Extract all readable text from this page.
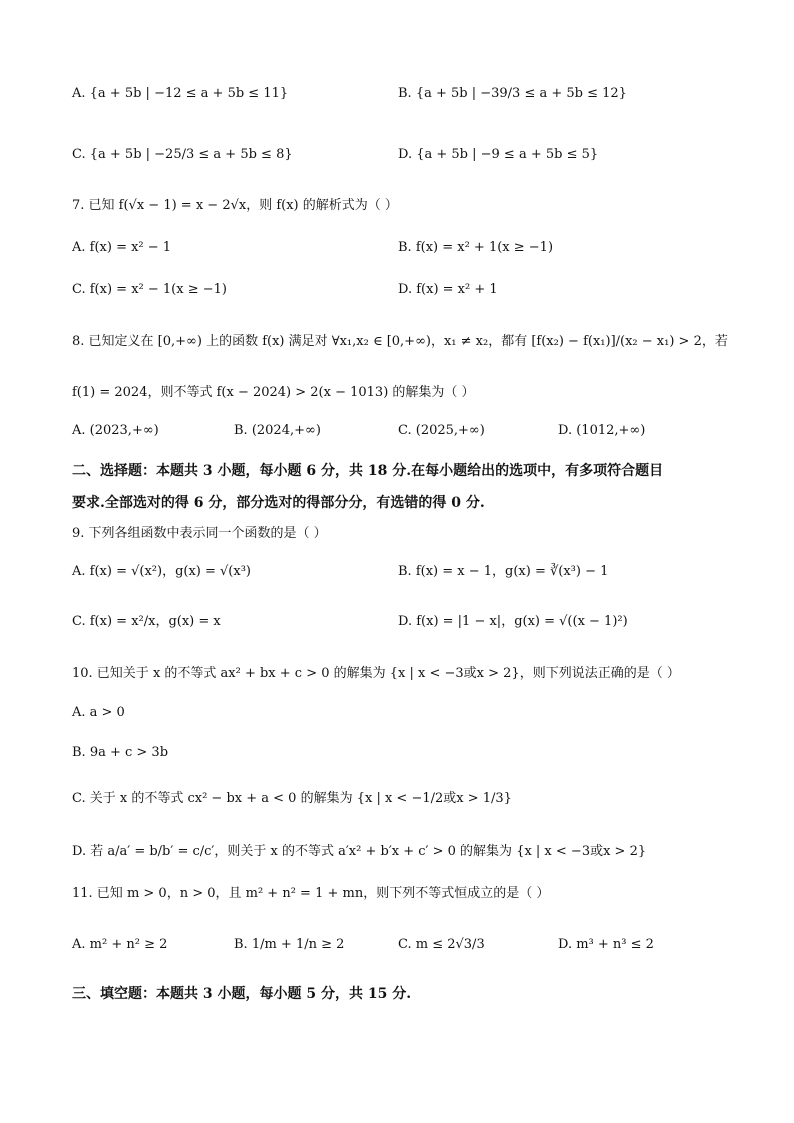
A. {a + 5b | −12 ≤ a + 5b ≤ 11}	B. {a + 5b | −39/3 ≤ a + 5b ≤ 12}
C. {a + 5b | −25/3 ≤ a + 5b ≤ 8}	D. {a + 5b | −9 ≤ a + 5b ≤ 5}
7. 已知 f(√x − 1) = x − 2√x，则 f(x) 的解析式为（ ）
A. f(x) = x² − 1	B. f(x) = x² + 1(x ≥ −1)
C. f(x) = x² − 1(x ≥ −1)	D. f(x) = x² + 1
8. 已知定义在 [0,+∞) 上的函数 f(x) 满足对 ∀x₁,x₂ ∈ [0,+∞)，x₁ ≠ x₂，都有 [f(x₂) − f(x₁)]/(x₂ − x₁) > 2，若
f(1) = 2024，则不等式 f(x − 2024) > 2(x − 1013) 的解集为（ ）
A. (2023,+∞)	B. (2024,+∞)	C. (2025,+∞)	D. (1012,+∞)
二、选择题：本题共 3 小题，每小题 6 分，共 18 分.在每小题给出的选项中，有多项符合题目
要求.全部选对的得 6 分，部分选对的得部分分，有选错的得 0 分.
9. 下列各组函数中表示同一个函数的是（ ）
A. f(x) = √(x²)，g(x) = √(x³)	B. f(x) = x − 1，g(x) = ∛(x³) − 1
C. f(x) = x²/x，g(x) = x	D. f(x) = |1 − x|，g(x) = √((x − 1)²)
10. 已知关于 x 的不等式 ax² + bx + c > 0 的解集为 {x | x < −3或x > 2}，则下列说法正确的是（ ）
A. a > 0
B. 9a + c > 3b
C. 关于 x 的不等式 cx² − bx + a < 0 的解集为 {x | x < −1/2或x > 1/3}
D. 若 a/a′ = b/b′ = c/c′，则关于 x 的不等式 a′x² + b′x + c′ > 0 的解集为 {x | x < −3或x > 2}
11. 已知 m > 0，n > 0，且 m² + n² = 1 + mn，则下列不等式恒成立的是（ ）
A. m² + n² ≥ 2	B. 1/m + 1/n ≥ 2	C. m ≤ 2√3/3	D. m³ + n³ ≤ 2
三、填空题：本题共 3 小题，每小题 5 分，共 15 分.
